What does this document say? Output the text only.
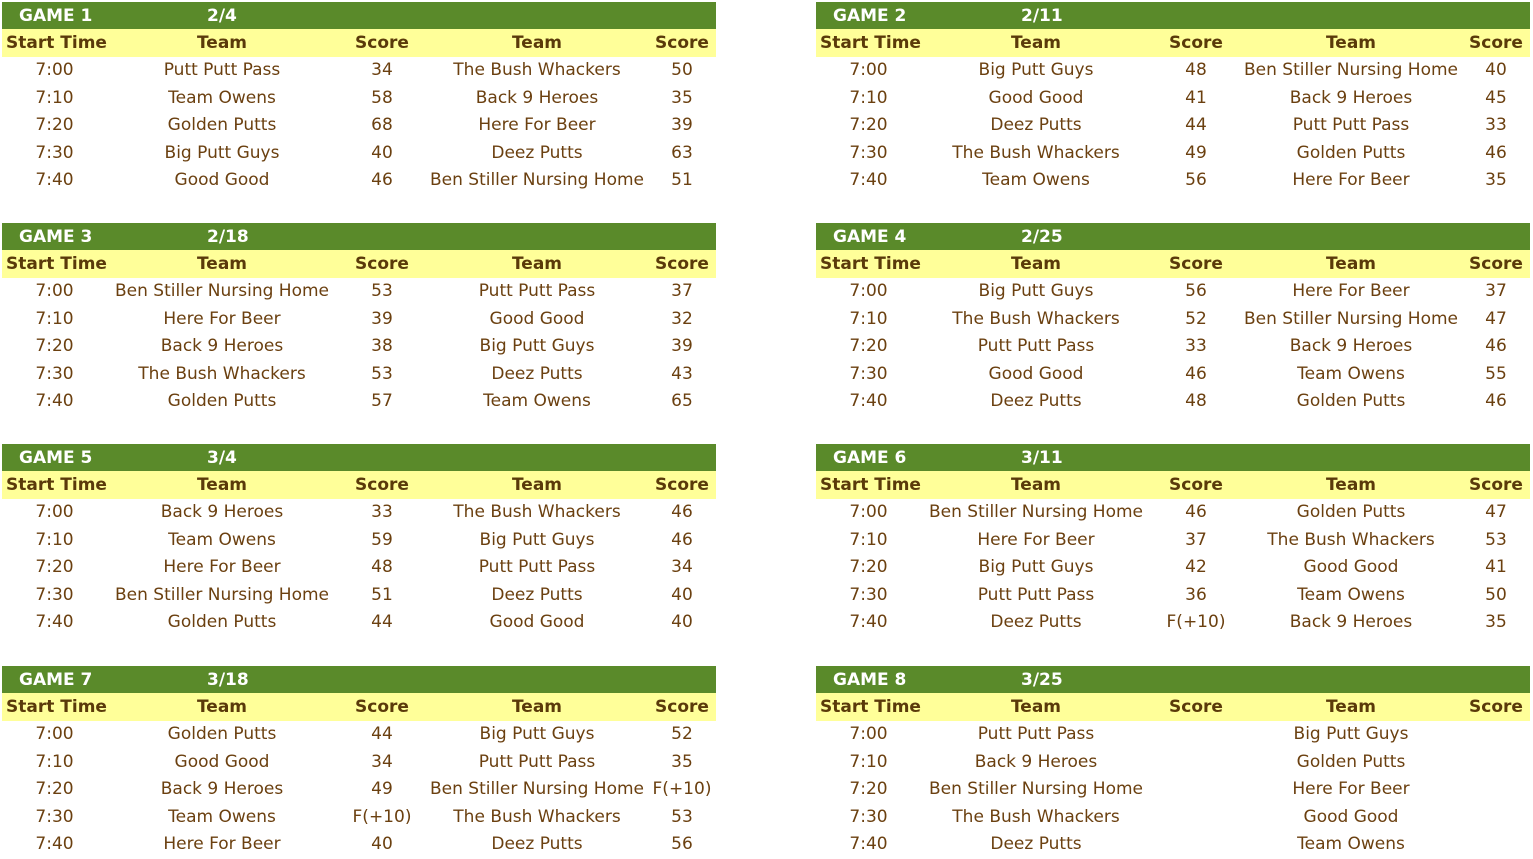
GAME 1	2/4
Start Time	Team	Score	Team	Score
7:00	Putt Putt Pass	34	The Bush Whackers	50
7:10	Team Owens	58	Back 9 Heroes	35
7:20	Golden Putts	68	Here For Beer	39
7:30	Big Putt Guys	40	Deez Putts	63
7:40	Good Good	46	Ben Stiller Nursing Home	51
GAME 2	2/11
Start Time	Team	Score	Team	Score
7:00	Big Putt Guys	48	Ben Stiller Nursing Home	40
7:10	Good Good	41	Back 9 Heroes	45
7:20	Deez Putts	44	Putt Putt Pass	33
7:30	The Bush Whackers	49	Golden Putts	46
7:40	Team Owens	56	Here For Beer	35
GAME 3	2/18
Start Time	Team	Score	Team	Score
7:00	Ben Stiller Nursing Home	53	Putt Putt Pass	37
7:10	Here For Beer	39	Good Good	32
7:20	Back 9 Heroes	38	Big Putt Guys	39
7:30	The Bush Whackers	53	Deez Putts	43
7:40	Golden Putts	57	Team Owens	65
GAME 4	2/25
Start Time	Team	Score	Team	Score
7:00	Big Putt Guys	56	Here For Beer	37
7:10	The Bush Whackers	52	Ben Stiller Nursing Home	47
7:20	Putt Putt Pass	33	Back 9 Heroes	46
7:30	Good Good	46	Team Owens	55
7:40	Deez Putts	48	Golden Putts	46
GAME 5	3/4
Start Time	Team	Score	Team	Score
7:00	Back 9 Heroes	33	The Bush Whackers	46
7:10	Team Owens	59	Big Putt Guys	46
7:20	Here For Beer	48	Putt Putt Pass	34
7:30	Ben Stiller Nursing Home	51	Deez Putts	40
7:40	Golden Putts	44	Good Good	40
GAME 6	3/11
Start Time	Team	Score	Team	Score
7:00	Ben Stiller Nursing Home	46	Golden Putts	47
7:10	Here For Beer	37	The Bush Whackers	53
7:20	Big Putt Guys	42	Good Good	41
7:30	Putt Putt Pass	36	Team Owens	50
7:40	Deez Putts	F(+10)	Back 9 Heroes	35
GAME 7	3/18
Start Time	Team	Score	Team	Score
7:00	Golden Putts	44	Big Putt Guys	52
7:10	Good Good	34	Putt Putt Pass	35
7:20	Back 9 Heroes	49	Ben Stiller Nursing Home F(+10)
7:30	Team Owens	F(+10)	The Bush Whackers	53
7:40	Here For Beer	40	Deez Putts	56
GAME 8	3/25
Start Time	Team	Score	Team	Score
7:00	Putt Putt Pass	Big Putt Guys
7:10	Back 9 Heroes	Golden Putts
7:20	Ben Stiller Nursing Home	Here For Beer
7:30	The Bush Whackers	Good Good
7:40	Deez Putts	Team Owens
